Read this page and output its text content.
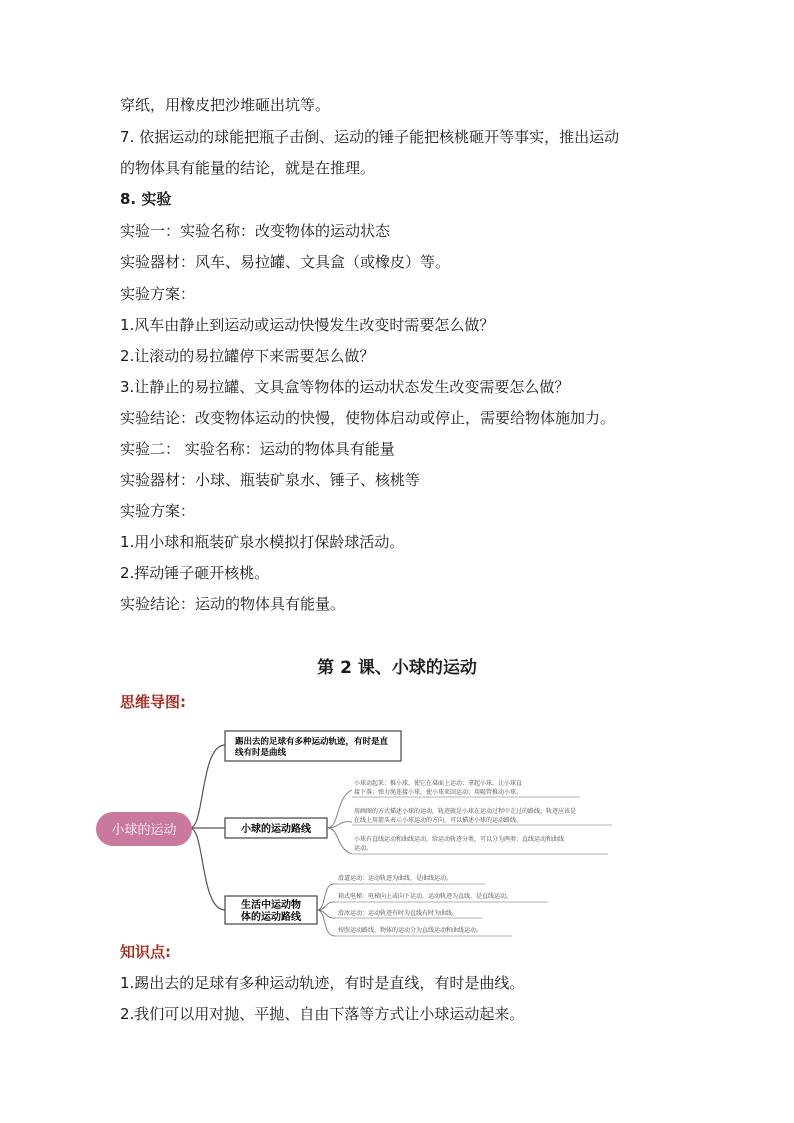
穿纸，用橡皮把沙堆砸出坑等。
7. 依据运动的球能把瓶子击倒、运动的锤子能把核桃砸开等事实，推出运动
的物体具有能量的结论，就是在推理。
8. 实验
实验一：实验名称：改变物体的运动状态
实验器材：风车、易拉罐、文具盒（或橡皮）等。
实验方案：
1.风车由静止到运动或运动快慢发生改变时需要怎么做？
2.让滚动的易拉罐停下来需要怎么做？
3.让静止的易拉罐、文具盒等物体的运动状态发生改变需要怎么做？
实验结论：改变物体运动的快慢，使物体启动或停止，需要给物体施加力。
实验二： 实验名称：运动的物体具有能量
实验器材：小球、瓶装矿泉水、锤子、核桃等
实验方案：
1.用小球和瓶装矿泉水模拟打保龄球活动。
2.挥动锤子砸开核桃。
实验结论：运动的物体具有能量。
第 2 课、小球的运动
思维导图:
小球的运动
踢出去的足球有多种运动轨迹，有时是直
线有时是曲线
小球的运动路线
小球动起来：推小球，使它在桌面上运动；拿起小球，让小球直
接下落；弹力绳连接小球，使小球来回运动；用吸管推动小球。
用画图的方式描述小球的运动，轨迹就是小球在运动过程中走过的路线，轨迹应该是
在线上用箭头表示小球运动的方向，可以描述小球的运动路线。
小球有直线运动和曲线运动。给运动轨迹分类，可以分为两类：直线运动和曲线
运动。
生活中运动物
体的运动路线
滑道运动：运动轨迹为曲线，是曲线运动。
箱式电梯：电梯向上或向下运动，运动轨迹为直线，是直线运动。
滑冰运动：运动轨迹有时为直线有时为曲线。
按照运动路线，物体的运动分为直线运动和曲线运动。
知识点:
1.踢出去的足球有多种运动轨迹，有时是直线，有时是曲线。
2.我们可以用对抛、平抛、自由下落等方式让小球运动起来。
